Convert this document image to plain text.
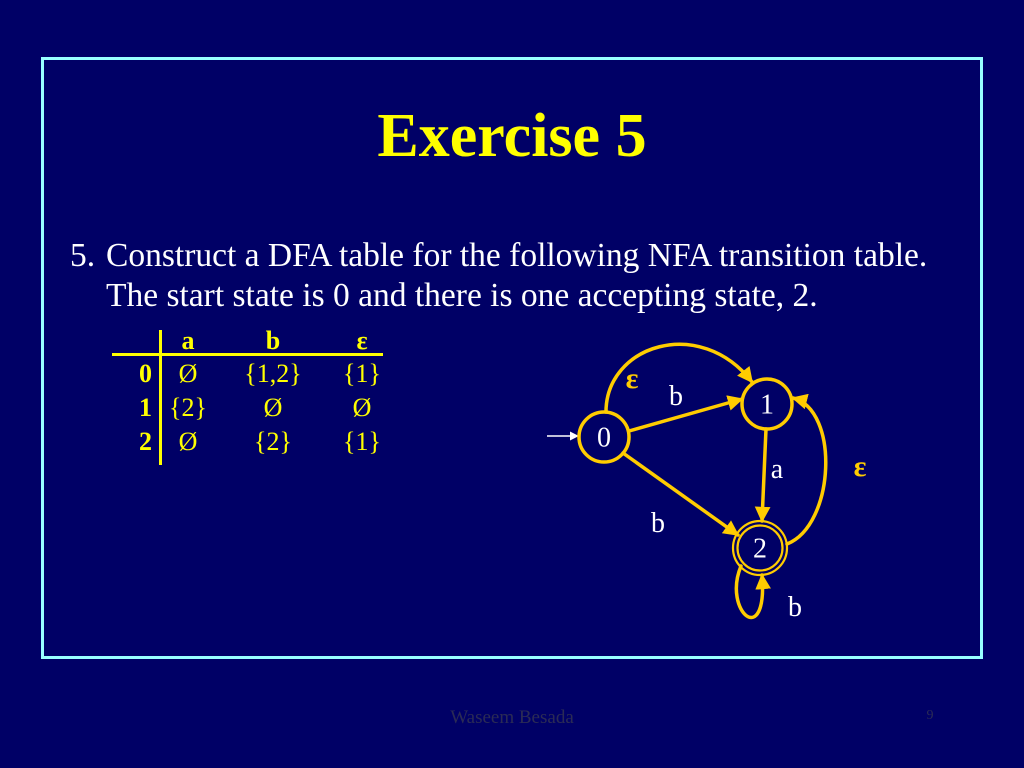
Exercise 5
5. Construct a DFA table for the following NFA transition table.
The start state is 0 and there is one accepting state, 2.
a	b	ε
0	Ø	{1,2}	{1}
1 {2}	Ø	Ø
2	Ø	{2}	{1}
ε
b
b
a ε
b
0
1
2
Waseem Besada	9
